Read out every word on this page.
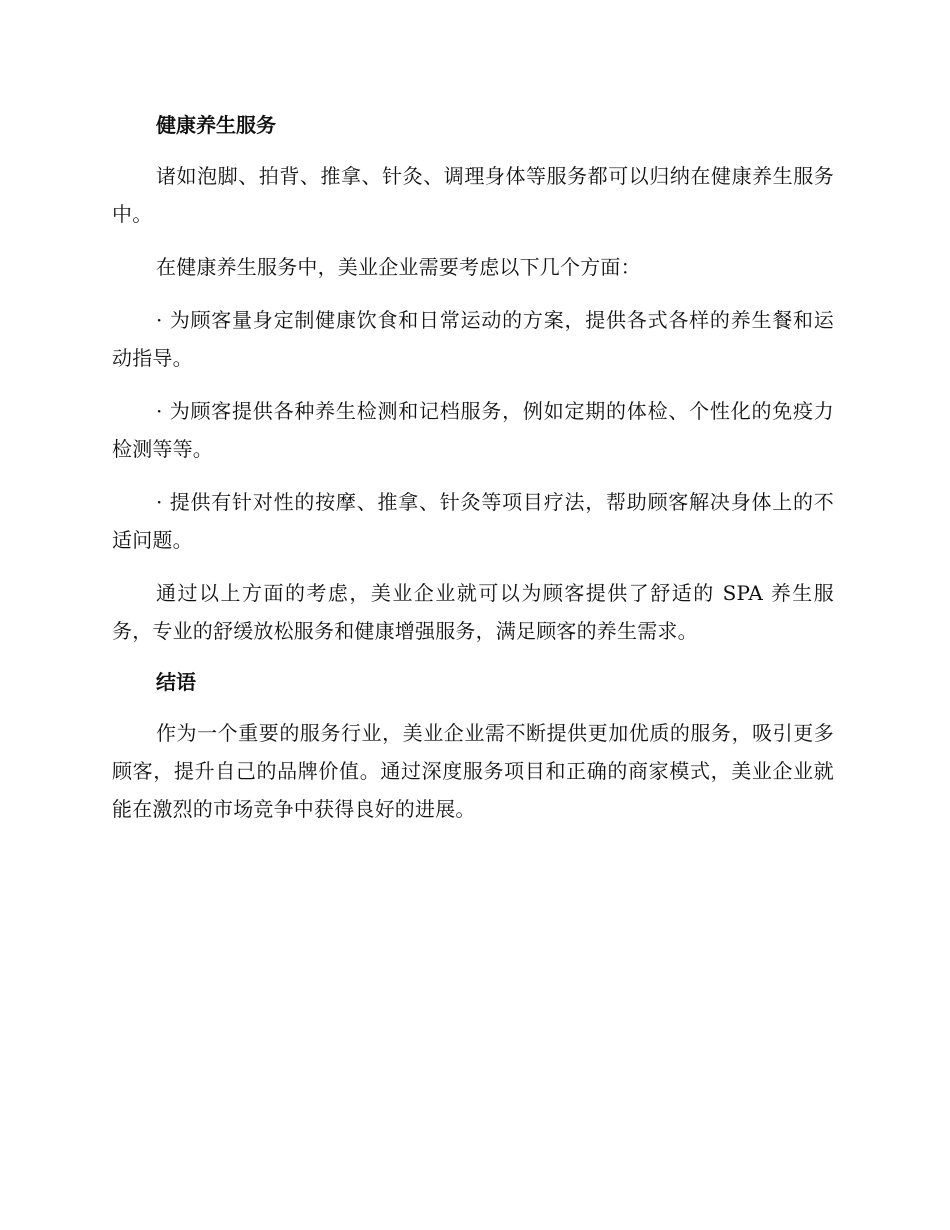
健康养生服务

诸如泡脚、拍背、推拿、针灸、调理身体等服务都可以归纳在健康养生服务中。

在健康养生服务中，美业企业需要考虑以下几个方面：

· 为顾客量身定制健康饮食和日常运动的方案，提供各式各样的养生餐和运动指导。

· 为顾客提供各种养生检测和记档服务，例如定期的体检、个性化的免疫力检测等等。

· 提供有针对性的按摩、推拿、针灸等项目疗法，帮助顾客解决身体上的不适问题。

通过以上方面的考虑，美业企业就可以为顾客提供了舒适的 SPA 养生服务，专业的舒缓放松服务和健康增强服务，满足顾客的养生需求。

结语

作为一个重要的服务行业，美业企业需不断提供更加优质的服务，吸引更多顾客，提升自己的品牌价值。通过深度服务项目和正确的商家模式，美业企业就能在激烈的市场竞争中获得良好的进展。
